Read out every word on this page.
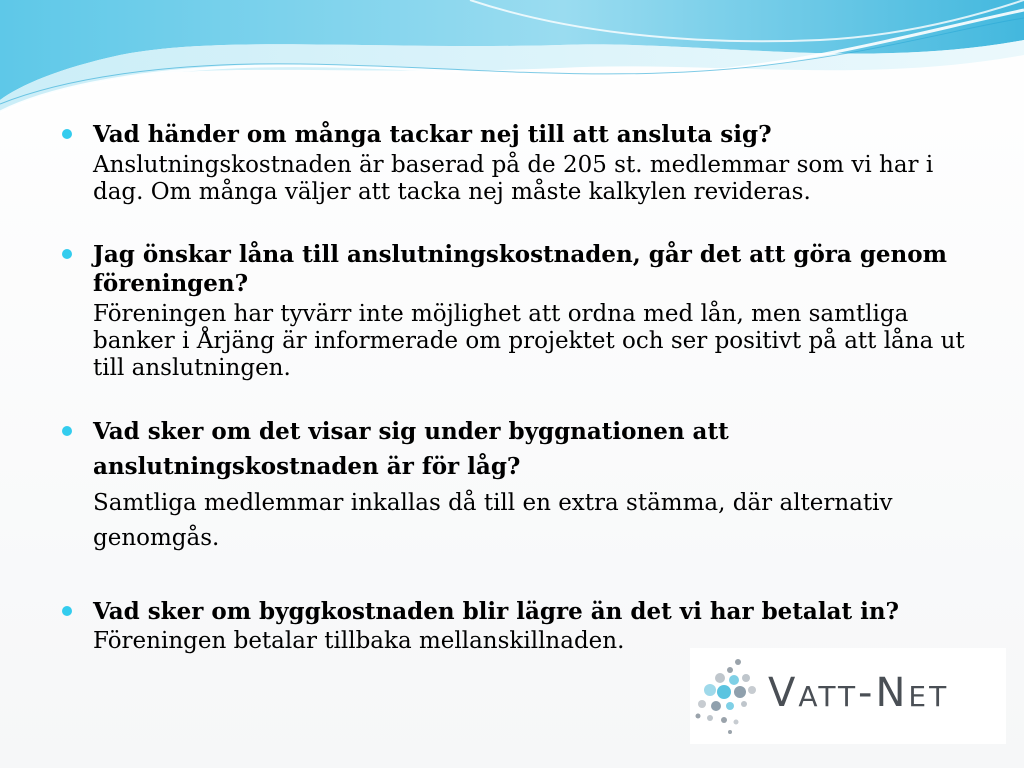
Vad händer om många tackar nej till att ansluta sig?

Anslutningskostnaden är baserad på de 205 st. medlemmar som vi har i dag. Om många väljer att tacka nej måste kalkylen revideras.

Jag önskar låna till anslutningskostnaden, går det att göra genom föreningen?

Föreningen har tyvärr inte möjlighet att ordna med lån, men samtliga banker i Årjäng är informerade om projektet och ser positivt på att låna ut till anslutningen.

Vad sker om det visar sig under byggnationen att anslutningskostnaden är för låg?

Samtliga medlemmar inkallas då till en extra stämma, där alternativ genomgås.

Vad sker om byggkostnaden blir lägre än det vi har betalat in?

Föreningen betalar tillbaka mellanskillnaden.

Vatt-Net
